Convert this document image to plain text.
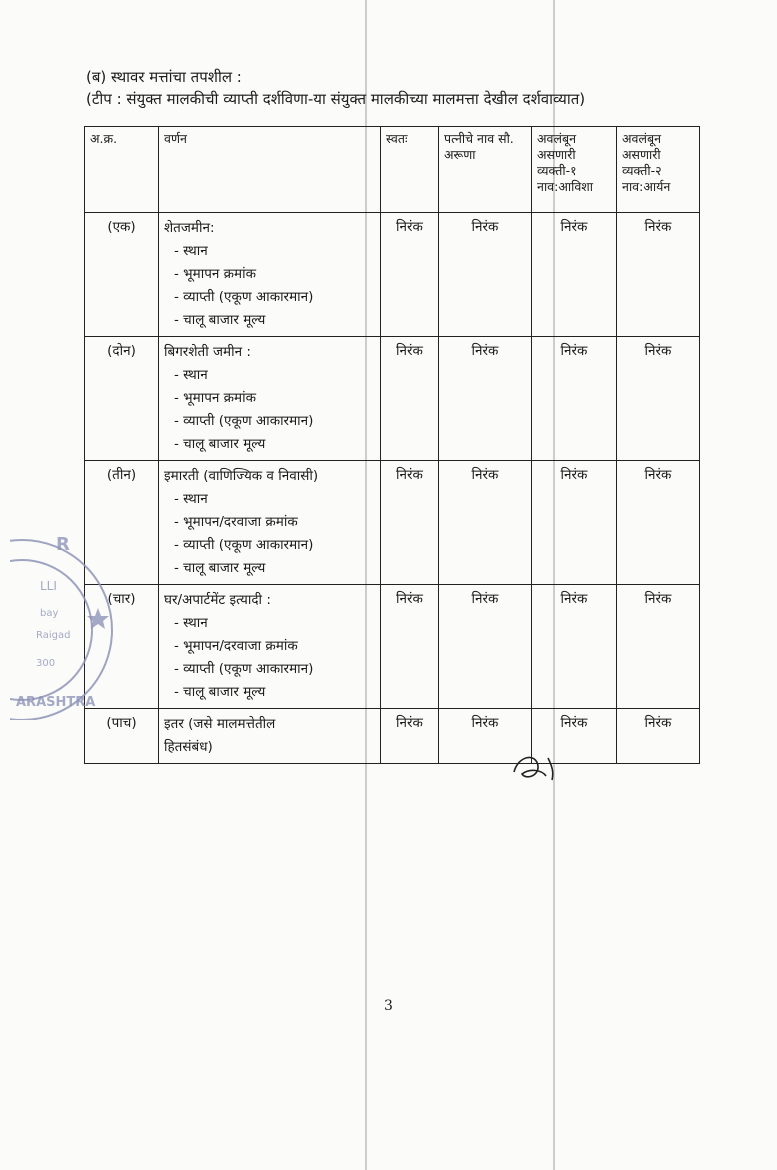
(ब) स्थावर मत्तांचा तपशील :
(टीप : संयुक्त मालकीची व्याप्ती दर्शविणा-या संयुक्त मालकीच्या मालमत्ता देखील दर्शवाव्यात)
अ.क्र.	वर्णन	स्वतः	पत्नीचे नाव सौ. अरूणा	अवलंबून असणारी व्यक्ती-१ नाव:आविशा	अवलंबून असणारी व्यक्ती-२ नाव:आर्यन
(एक)	शेतजमीन:
- स्थान
- भूमापन क्रमांक
- व्याप्ती (एकूण आकारमान)
- चालू बाजार मूल्य	निरंक	निरंक	निरंक	निरंक
(दोन)	बिगरशेती जमीन :
- स्थान
- भूमापन क्रमांक
- व्याप्ती (एकूण आकारमान)
- चालू बाजार मूल्य	निरंक	निरंक	निरंक	निरंक
(तीन)	इमारती (वाणिज्यिक व निवासी)
- स्थान
- भूमापन/दरवाजा क्रमांक
- व्याप्ती (एकूण आकारमान)
- चालू बाजार मूल्य	निरंक	निरंक	निरंक	निरंक
(चार)	घर/अपार्टमेंट इत्यादी :
- स्थान
- भूमापन/दरवाजा क्रमांक
- व्याप्ती (एकूण आकारमान)
- चालू बाजार मूल्य	निरंक	निरंक	निरंक	निरंक
(पाच)	इतर (जसे मालमत्तेतील
हितसंबंध)	निरंक	निरंक	निरंक	निरंक
R
LLI
bay
Raigad
300
ARASHTRA
3
